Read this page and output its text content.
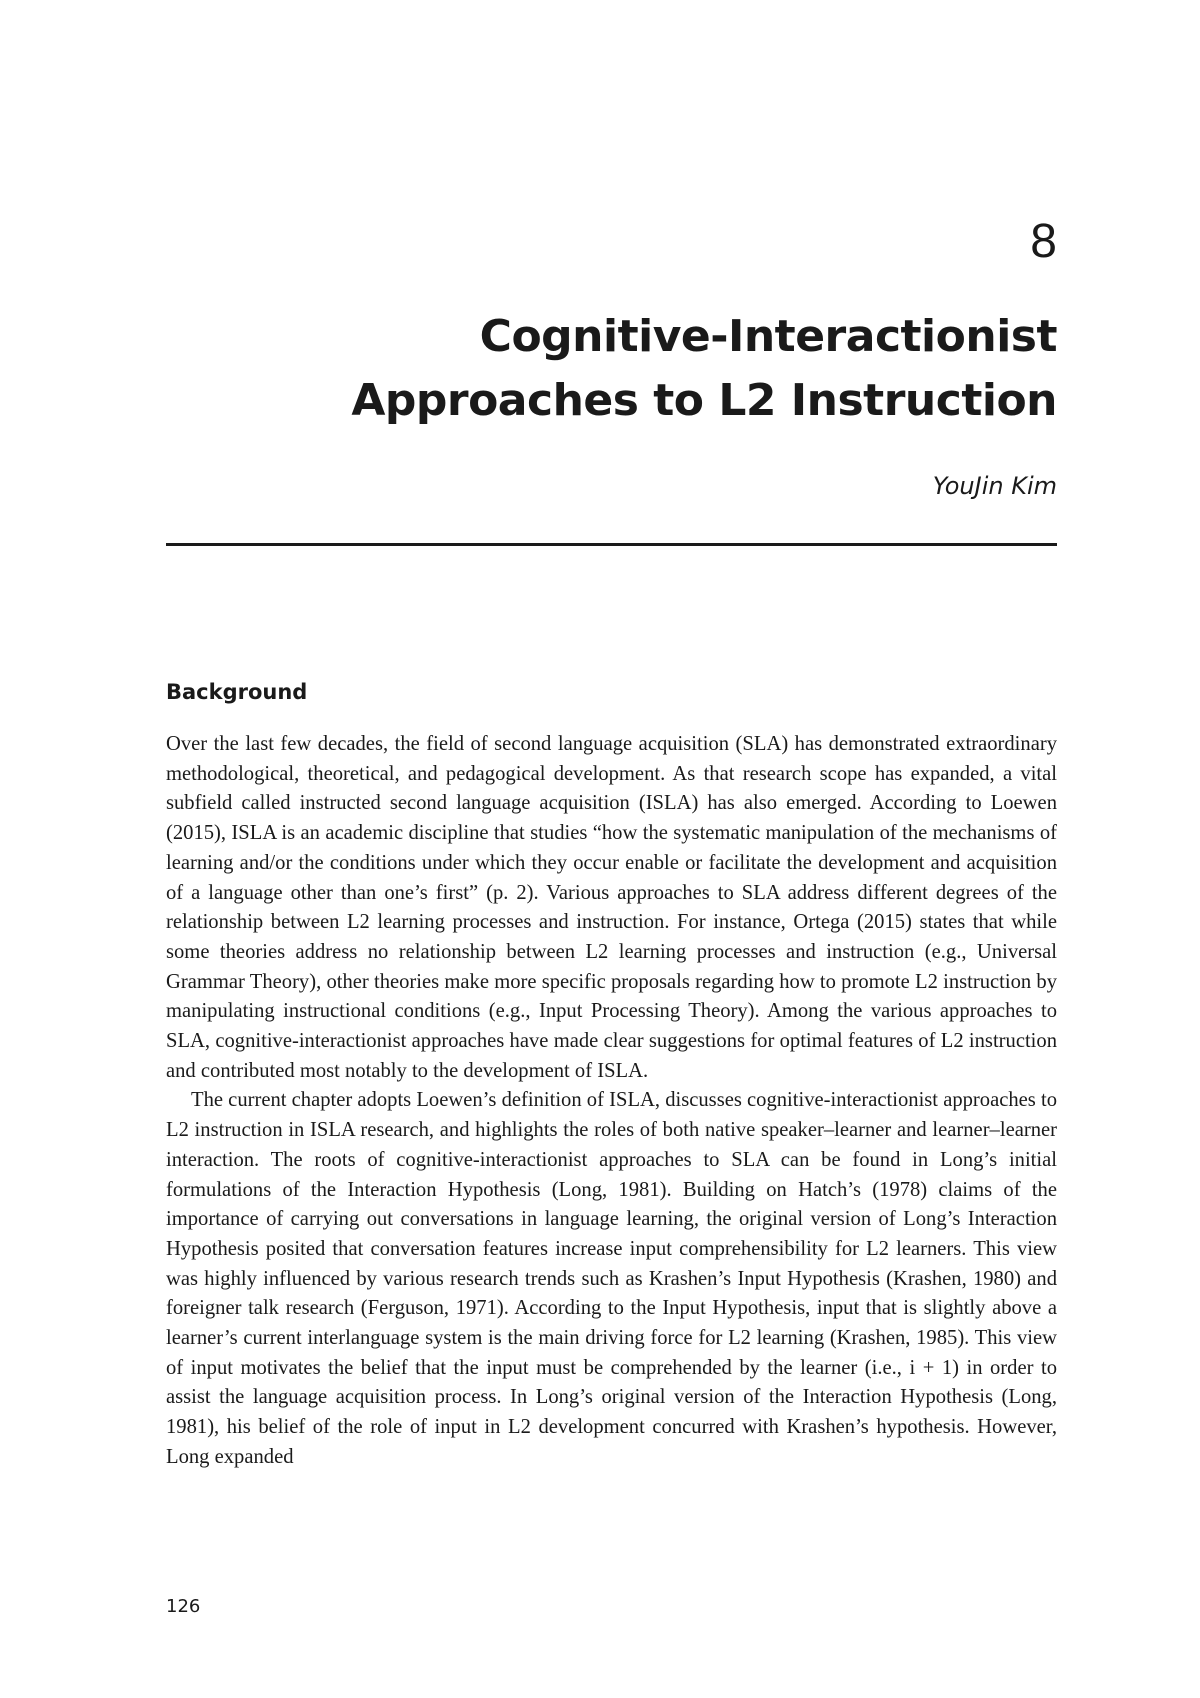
8
Cognitive-Interactionist
Approaches to L2 Instruction
YouJin Kim
Background

Over the last few decades, the field of second language acquisition (SLA) has demonstrated extraordinary methodological, theoretical, and pedagogical development. As that research scope has expanded, a vital subfield called instructed second language acquisition (ISLA) has also emerged. According to Loewen (2015), ISLA is an academic discipline that studies “how the systematic manipulation of the mechanisms of learning and/or the conditions under which they occur enable or facilitate the development and acquisition of a language other than one’s first” (p. 2). Various approaches to SLA address different degrees of the relationship between L2 learning processes and instruction. For instance, Ortega (2015) states that while some theories address no relationship between L2 learning processes and instruction (e.g., Universal Grammar Theory), other theories make more specific proposals regarding how to promote L2 instruction by manipulating instructional conditions (e.g., Input Processing Theory). Among the various approaches to SLA, cognitive-interactionist approaches have made clear suggestions for optimal features of L2 instruction and contributed most notably to the development of ISLA.

The current chapter adopts Loewen’s definition of ISLA, discusses cognitive-interactionist approaches to L2 instruction in ISLA research, and highlights the roles of both native speaker–learner and learner–learner interaction. The roots of cognitive-interactionist approaches to SLA can be found in Long’s initial formulations of the Interaction Hypothesis (Long, 1981). Building on Hatch’s (1978) claims of the importance of carrying out conversations in language learning, the original version of Long’s Interaction Hypothesis posited that conversation features increase input comprehensibility for L2 learners. This view was highly influenced by various research trends such as Krashen’s Input Hypothesis (Krashen, 1980) and foreigner talk research (Ferguson, 1971). According to the Input Hypothesis, input that is slightly above a learner’s current interlanguage system is the main driving force for L2 learning (Krashen, 1985). This view of input motivates the belief that the input must be comprehended by the learner (i.e., i + 1) in order to assist the language acquisition process. In Long’s original version of the Interaction Hypothesis (Long, 1981), his belief of the role of input in L2 development concurred with Krashen’s hypothesis. However, Long expanded

126
